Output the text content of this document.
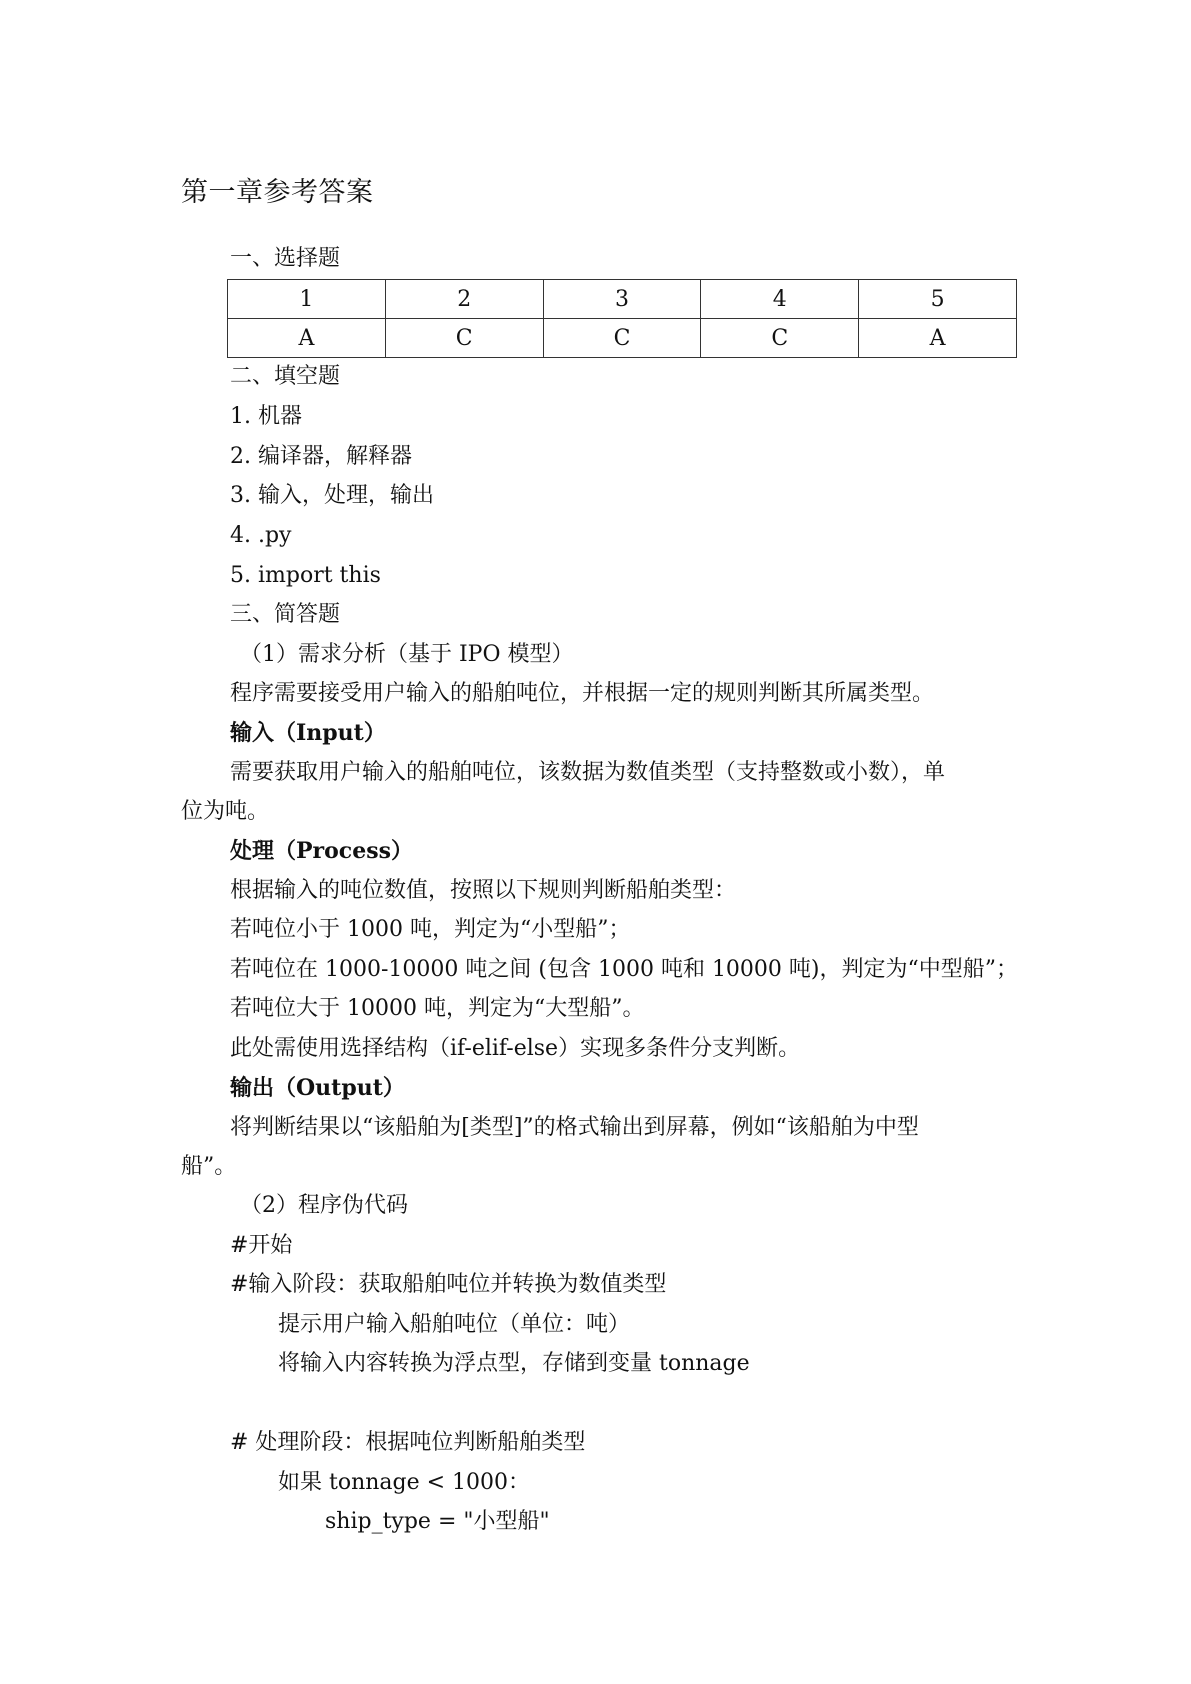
第一章参考答案
一、选择题
1	2	3	4	5
A	C	C	C	A
二、填空题
1. 机器
2. 编译器，解释器
3. 输入，处理，输出
4. .py
5. import this
三、简答题
（1）需求分析（基于 IPO 模型）
程序需要接受用户输入的船舶吨位，并根据一定的规则判断其所属类型。
输入（Input）
需要获取用户输入的船舶吨位，该数据为数值类型（支持整数或小数），单
位为吨。
处理（Process）
根据输入的吨位数值，按照以下规则判断船舶类型：
若吨位小于 1000 吨，判定为“小型船”；
若吨位在 1000-10000 吨之间 (包含 1000 吨和 10000 吨)，判定为“中型船”；
若吨位大于 10000 吨，判定为“大型船”。
此处需使用选择结构（if-elif-else）实现多条件分支判断。
输出（Output）
将判断结果以“该船舶为[类型]”的格式输出到屏幕，例如“该船舶为中型
船”。
（2）程序伪代码
#开始
#输入阶段：获取船舶吨位并转换为数值类型
提示用户输入船舶吨位（单位：吨）
将输入内容转换为浮点型，存储到变量 tonnage
# 处理阶段：根据吨位判断船舶类型
如果 tonnage < 1000：
ship_type = "小型船"
